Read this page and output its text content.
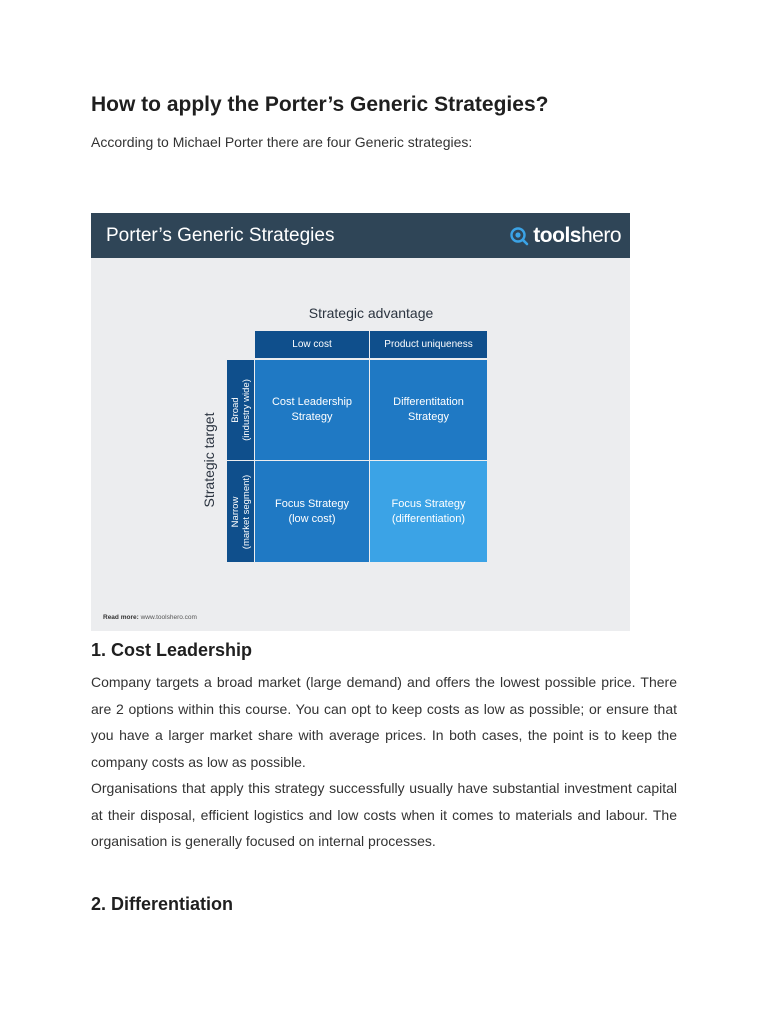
How to apply the Porter’s Generic Strategies?

According to Michael Porter there are four Generic strategies:

Porter’s Generic Strategies	toolshero
Strategic advantage
Strategic target
Low cost	Product uniqueness
Broad (industry wide)
Narrow (market segment)
Cost Leadership
Strategy
Differentitation
Strategy
Focus Strategy
(low cost)
Focus Strategy
(differentiation)
Read more: www.toolshero.com
1. Cost Leadership

Company targets a broad market (large demand) and offers the lowest possible price. There are 2 options within this course. You can opt to keep costs as low as possible; or ensure that you have a larger market share with average prices. In both cases, the point is to keep the company costs as low as possible.

Organisations that apply this strategy successfully usually have substantial investment capital at their disposal, efficient logistics and low costs when it comes to materials and labour. The organisation is generally focused on internal processes.

2. Differentiation
